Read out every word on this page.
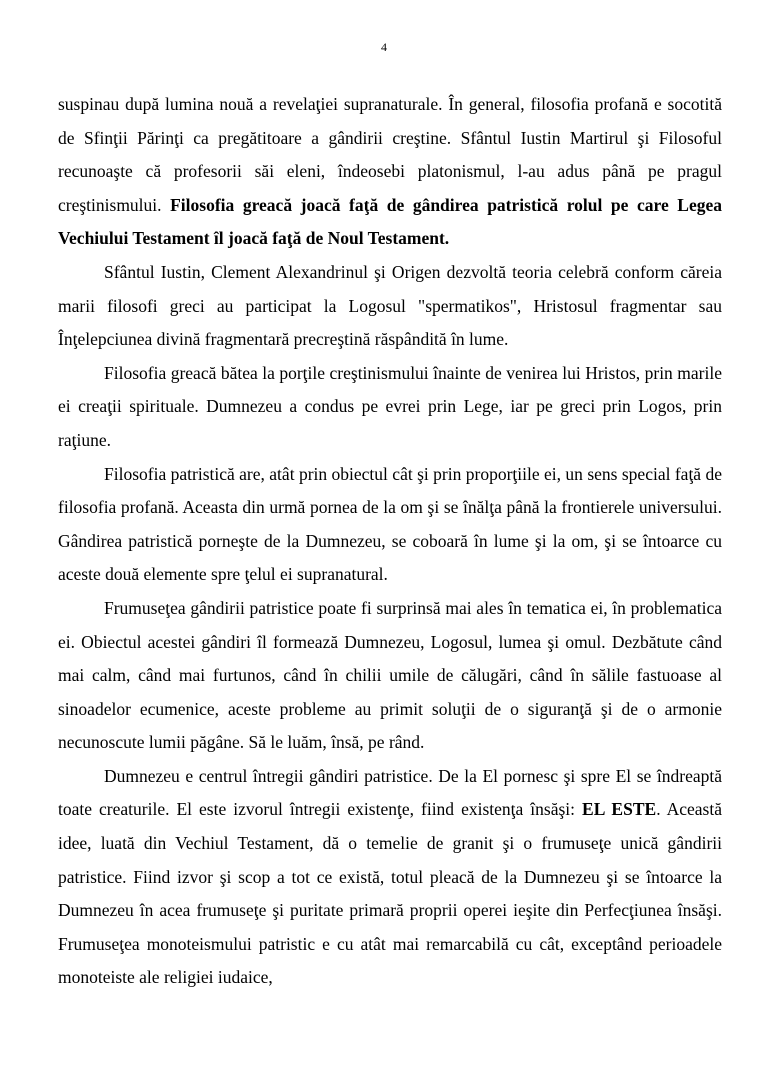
4

suspinau după lumina nouă a revelaţiei supranaturale. În general, filosofia profană e socotită de Sfinţii Părinţi ca pregătitoare a gândirii creştine. Sfântul Iustin Martirul şi Filosoful recunoaşte că profesorii săi eleni, îndeosebi platonismul, l-au adus până pe pragul creştinismului. Filosofia greacă joacă faţă de gândirea patristică rolul pe care Legea Vechiului Testament îl joacă faţă de Noul Testament.

Sfântul Iustin, Clement Alexandrinul şi Origen dezvoltă teoria celebră conform căreia marii filosofi greci au participat la Logosul "spermatikos", Hristosul fragmentar sau Înţelepciunea divină fragmentară precreştină răspândită în lume.

Filosofia greacă bătea la porţile creştinismului înainte de venirea lui Hristos, prin marile ei creaţii spirituale. Dumnezeu a condus pe evrei prin Lege, iar pe greci prin Logos, prin raţiune.

Filosofia patristică are, atât prin obiectul cât şi prin proporţiile ei, un sens special faţă de filosofia profană. Aceasta din urmă pornea de la om şi se înălţa până la frontierele universului. Gândirea patristică porneşte de la Dumnezeu, se coboară în lume şi la om, şi se întoarce cu aceste două elemente spre ţelul ei supranatural.

Frumuseţea gândirii patristice poate fi surprinsă mai ales în tematica ei, în problematica ei. Obiectul acestei gândiri îl formează Dumnezeu, Logosul, lumea şi omul. Dezbătute când mai calm, când mai furtunos, când în chilii umile de călugări, când în sălile fastuoase al sinoadelor ecumenice, aceste probleme au primit soluţii de o siguranţă şi de o armonie necunoscute lumii păgâne. Să le luăm, însă, pe rând.

Dumnezeu e centrul întregii gândiri patristice. De la El pornesc şi spre El se îndreaptă toate creaturile. El este izvorul întregii existenţe, fiind existenţa însăşi: EL ESTE. Această idee, luată din Vechiul Testament, dă o temelie de granit şi o frumuseţe unică gândirii patristice. Fiind izvor şi scop a tot ce există, totul pleacă de la Dumnezeu şi se întoarce la Dumnezeu în acea frumuseţe şi puritate primară proprii operei ieşite din Perfecţiunea însăşi. Frumuseţea monoteismului patristic e cu atât mai remarcabilă cu cât, exceptând perioadele monoteiste ale religiei iudaice,
